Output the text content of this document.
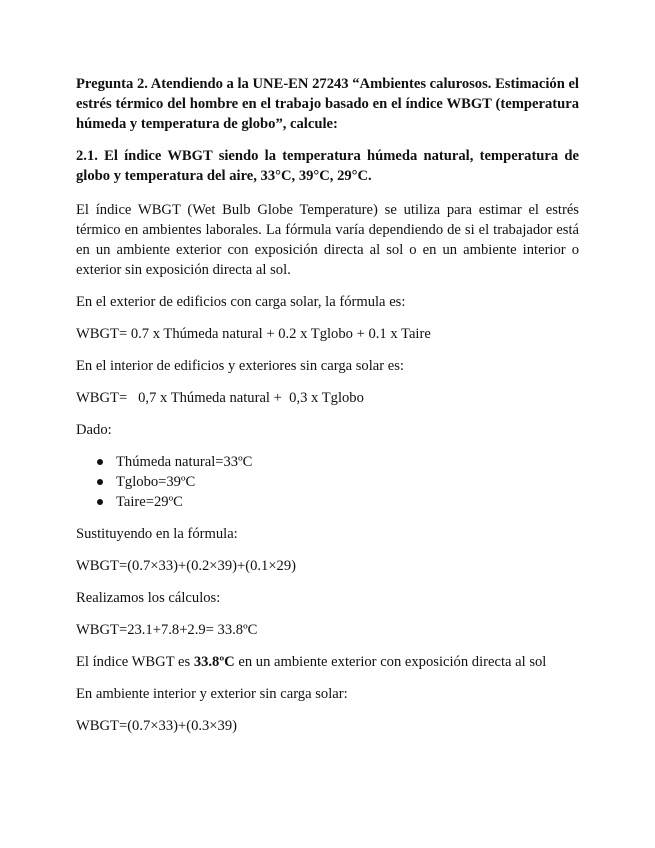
Pregunta 2. Atendiendo a la UNE-EN 27243 “Ambientes calurosos. Estimación el estrés térmico del hombre en el trabajo basado en el índice WBGT (temperatura húmeda y temperatura de globo”, calcule:

2.1. El índice WBGT siendo la temperatura húmeda natural, temperatura de globo y temperatura del aire, 33°C, 39°C, 29°C.

El índice WBGT (Wet Bulb Globe Temperature) se utiliza para estimar el estrés térmico en ambientes laborales. La fórmula varía dependiendo de si el trabajador está en un ambiente exterior con exposición directa al sol o en un ambiente interior o exterior sin exposición directa al sol.

En el exterior de edificios con carga solar, la fórmula es:

WBGT= 0.7 x Thúmeda natural + 0.2 x Tglobo + 0.1 x Taire

En el interior de edificios y exteriores sin carga solar es:

WBGT=   0,7 x Thúmeda natural +  0,3 x Tglobo

Dado:

Thúmeda natural=33ºC
Tglobo=39ºC
Taire=29ºC

Sustituyendo en la fórmula:

WBGT=(0.7×33)+(0.2×39)+(0.1×29)

Realizamos los cálculos:

WBGT=23.1+7.8+2.9= 33.8ºC

El índice WBGT es 33.8ºC en un ambiente exterior con exposición directa al sol

En ambiente interior y exterior sin carga solar:

WBGT=(0.7×33)+(0.3×39)
